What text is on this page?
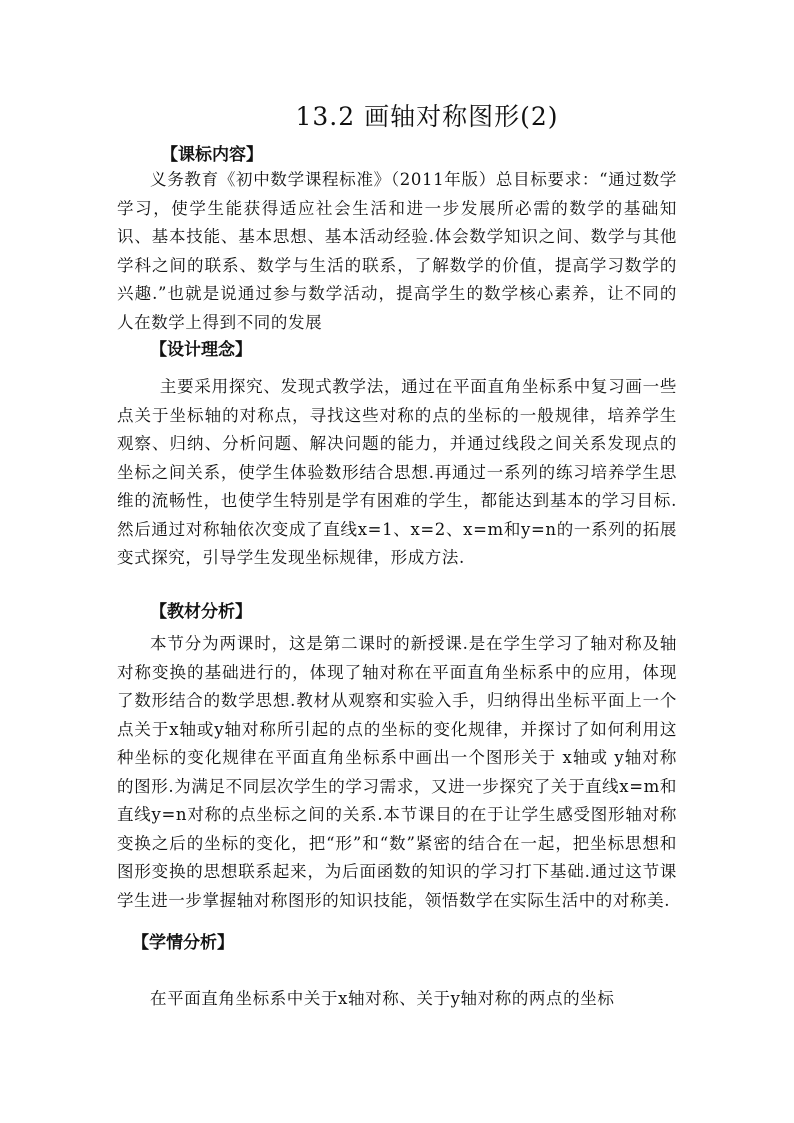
13.2 画轴对称图形(2)
【课标内容】
义务教育《初中数学课程标准》（2011年版）总目标要求：“通过数学学习，使学生能获得适应社会生活和进一步发展所必需的数学的基础知识、基本技能、基本思想、基本活动经验.体会数学知识之间、数学与其他学科之间的联系、数学与生活的联系，了解数学的价值，提高学习数学的兴趣.”也就是说通过参与数学活动，提高学生的数学核心素养，让不同的人在数学上得到不同的发展
【设计理念】
主要采用探究、发现式教学法，通过在平面直角坐标系中复习画一些点关于坐标轴的对称点，寻找这些对称的点的坐标的一般规律，培养学生观察、归纳、分析问题、解决问题的能力，并通过线段之间关系发现点的坐标之间关系，使学生体验数形结合思想.再通过一系列的练习培养学生思维的流畅性，也使学生特别是学有困难的学生，都能达到基本的学习目标.然后通过对称轴依次变成了直线x=1、x=2、x=m和y=n的一系列的拓展变式探究，引导学生发现坐标规律，形成方法.
【教材分析】
本节分为两课时，这是第二课时的新授课.是在学生学习了轴对称及轴对称变换的基础进行的，体现了轴对称在平面直角坐标系中的应用，体现了数形结合的数学思想.教材从观察和实验入手，归纳得出坐标平面上一个点关于x轴或y轴对称所引起的点的坐标的变化规律，并探讨了如何利用这种坐标的变化规律在平面直角坐标系中画出一个图形关于 x轴或 y轴对称的图形.为满足不同层次学生的学习需求，又进一步探究了关于直线x=m和直线y=n对称的点坐标之间的关系.本节课目的在于让学生感受图形轴对称变换之后的坐标的变化，把“形”和“数”紧密的结合在一起，把坐标思想和图形变换的思想联系起来，为后面函数的知识的学习打下基础.通过这节课学生进一步掌握轴对称图形的知识技能，领悟数学在实际生活中的对称美.
【学情分析】
在平面直角坐标系中关于x轴对称、关于y轴对称的两点的坐标
